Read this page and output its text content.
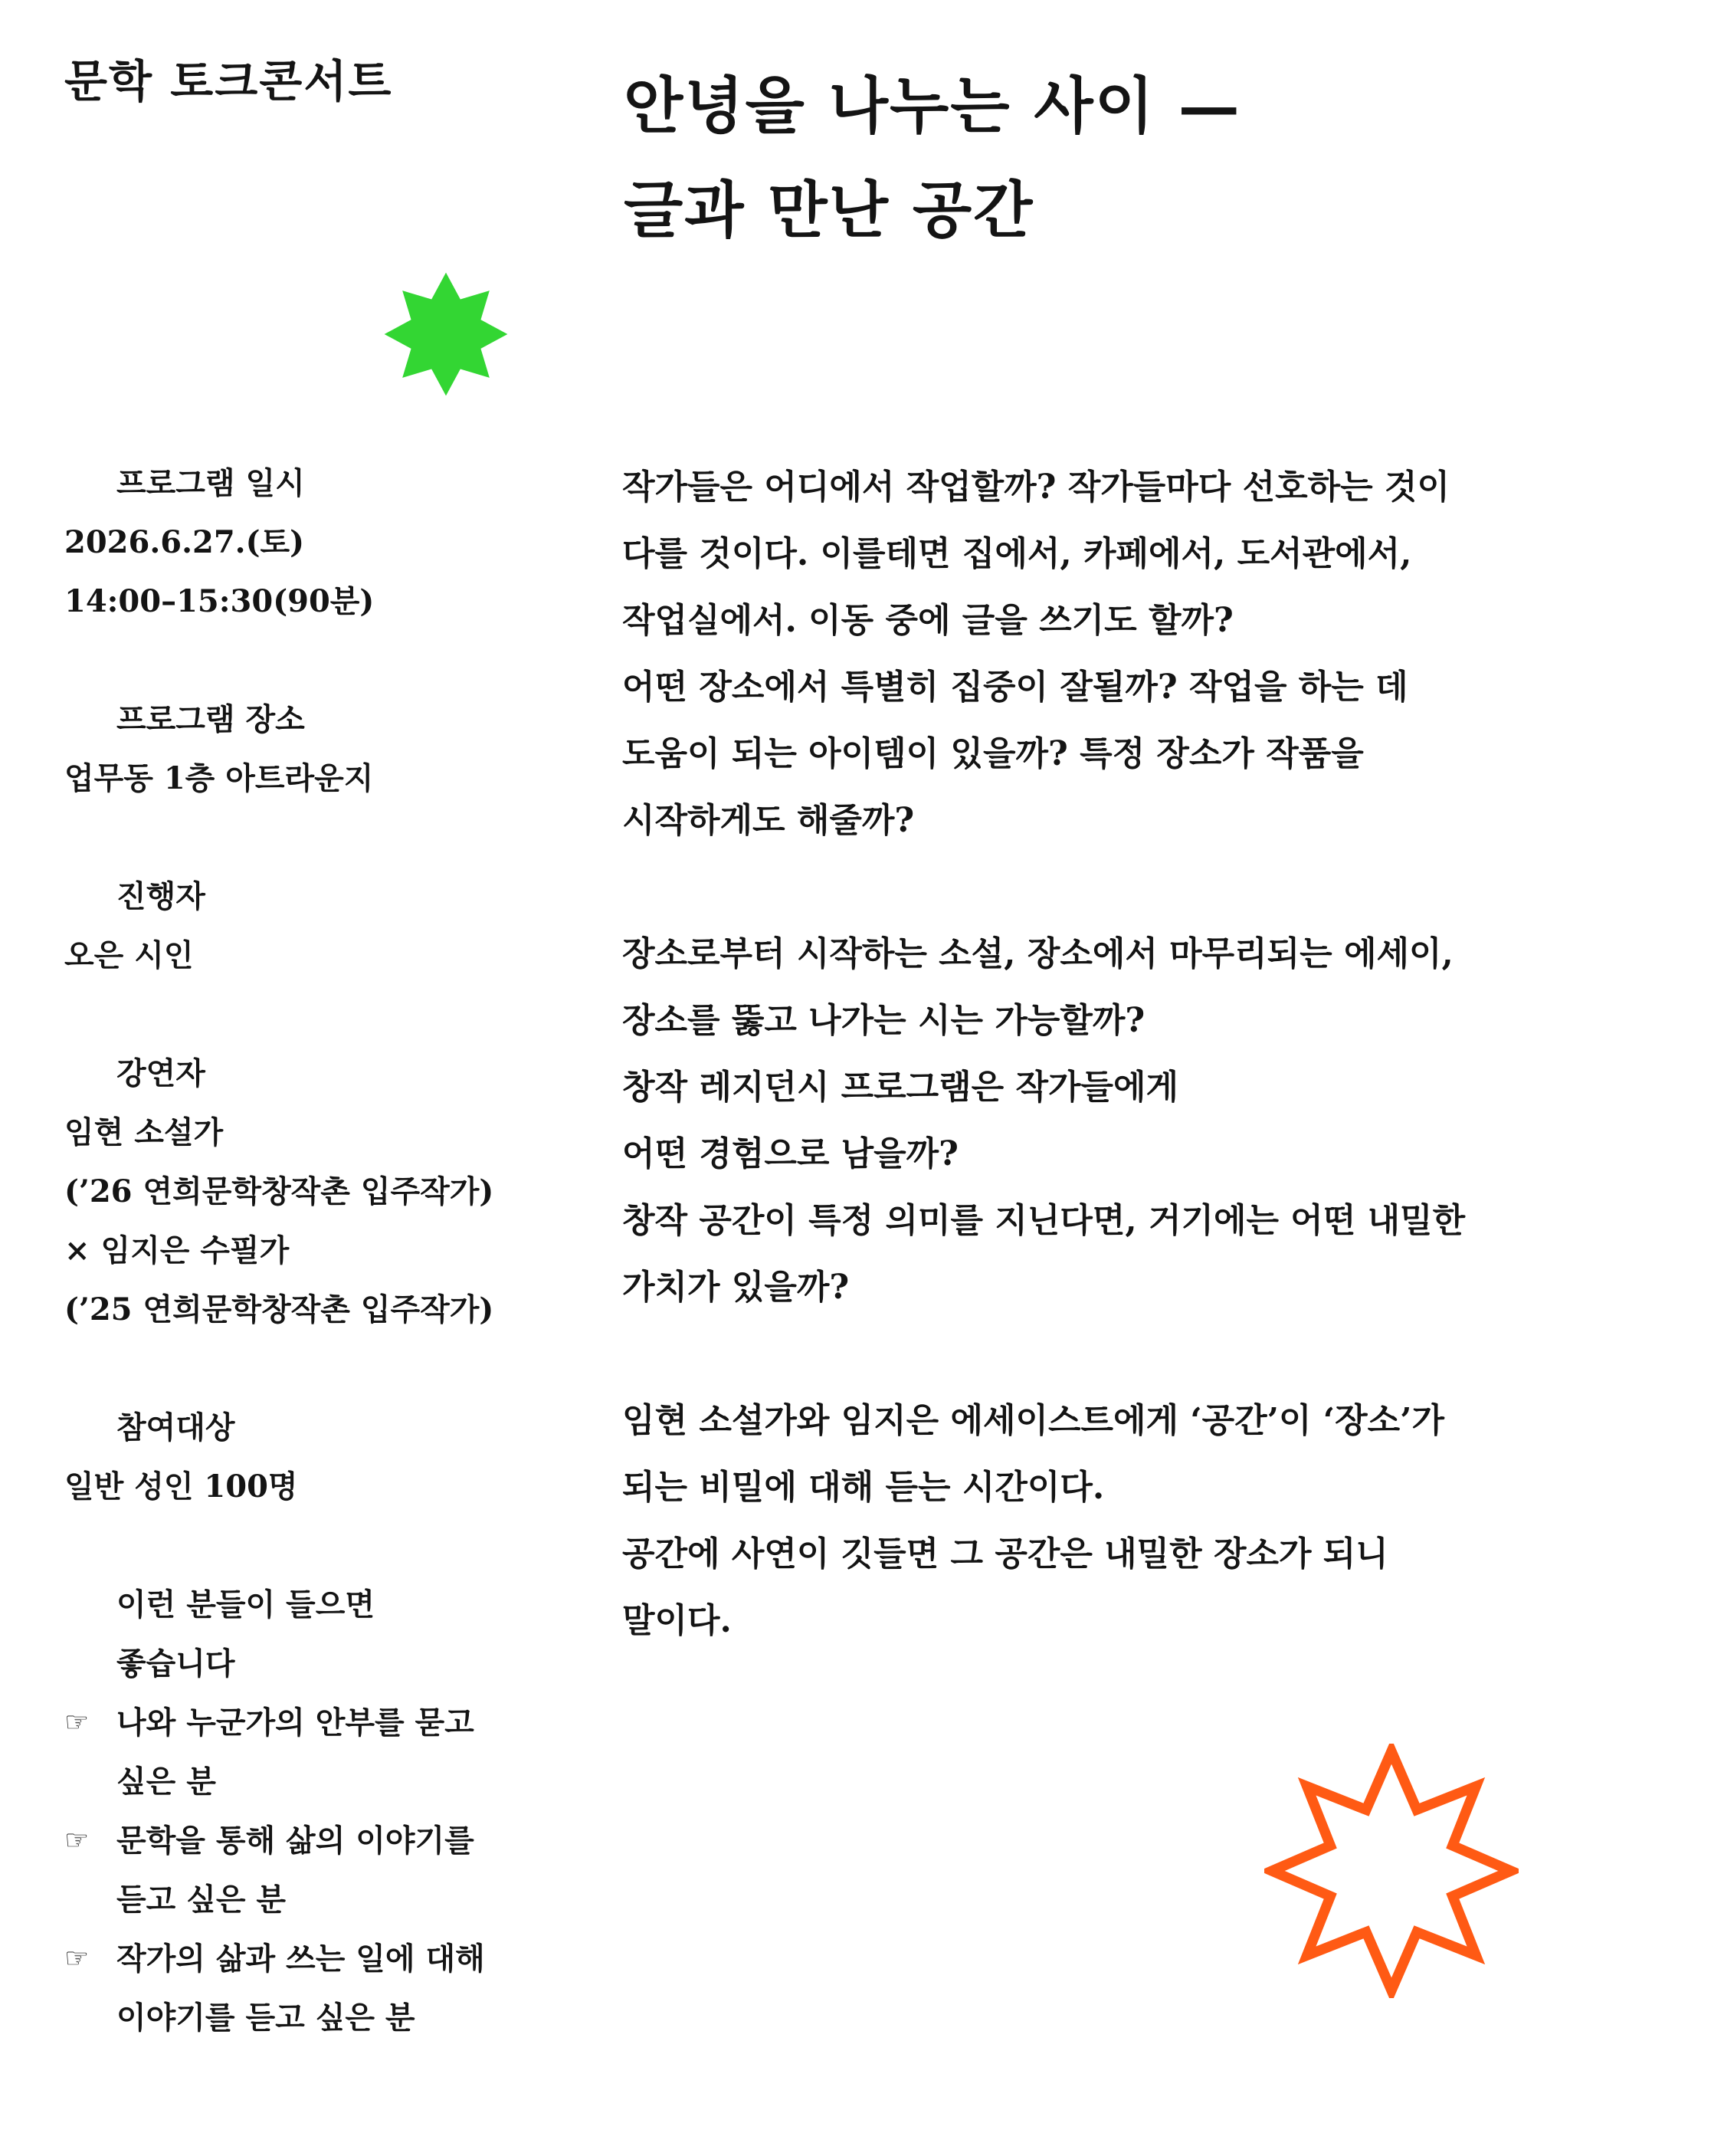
문학 토크콘서트	안녕을 나누는 사이 —
글과 만난 공간
프로그램 일시
2026.6.27.(토)
14:00–15:30(90분)
프로그램 장소
업무동 1층 아트라운지
진행자
오은 시인
강연자
임현 소설가
(’26 연희문학창작촌 입주작가)
× 임지은 수필가
(’25 연희문학창작촌 입주작가)
참여대상
일반 성인 100명
이런 분들이 들으면
좋습니다
☞ 나와 누군가의 안부를 묻고
싶은 분
☞ 문학을 통해 삶의 이야기를
듣고 싶은 분
☞ 작가의 삶과 쓰는 일에 대해
이야기를 듣고 싶은 분
작가들은 어디에서 작업할까? 작가들마다 선호하는 것이
다를 것이다. 이를테면 집에서, 카페에서, 도서관에서,
작업실에서. 이동 중에 글을 쓰기도 할까?
어떤 장소에서 특별히 집중이 잘될까? 작업을 하는 데
도움이 되는 아이템이 있을까? 특정 장소가 작품을
시작하게도 해줄까?
장소로부터 시작하는 소설, 장소에서 마무리되는 에세이,
장소를 뚫고 나가는 시는 가능할까?
창작 레지던시 프로그램은 작가들에게
어떤 경험으로 남을까?
창작 공간이 특정 의미를 지닌다면, 거기에는 어떤 내밀한
가치가 있을까?
임현 소설가와 임지은 에세이스트에게 ‘공간’이 ‘장소’가
되는 비밀에 대해 듣는 시간이다.
공간에 사연이 깃들면 그 공간은 내밀한 장소가 되니
말이다.
